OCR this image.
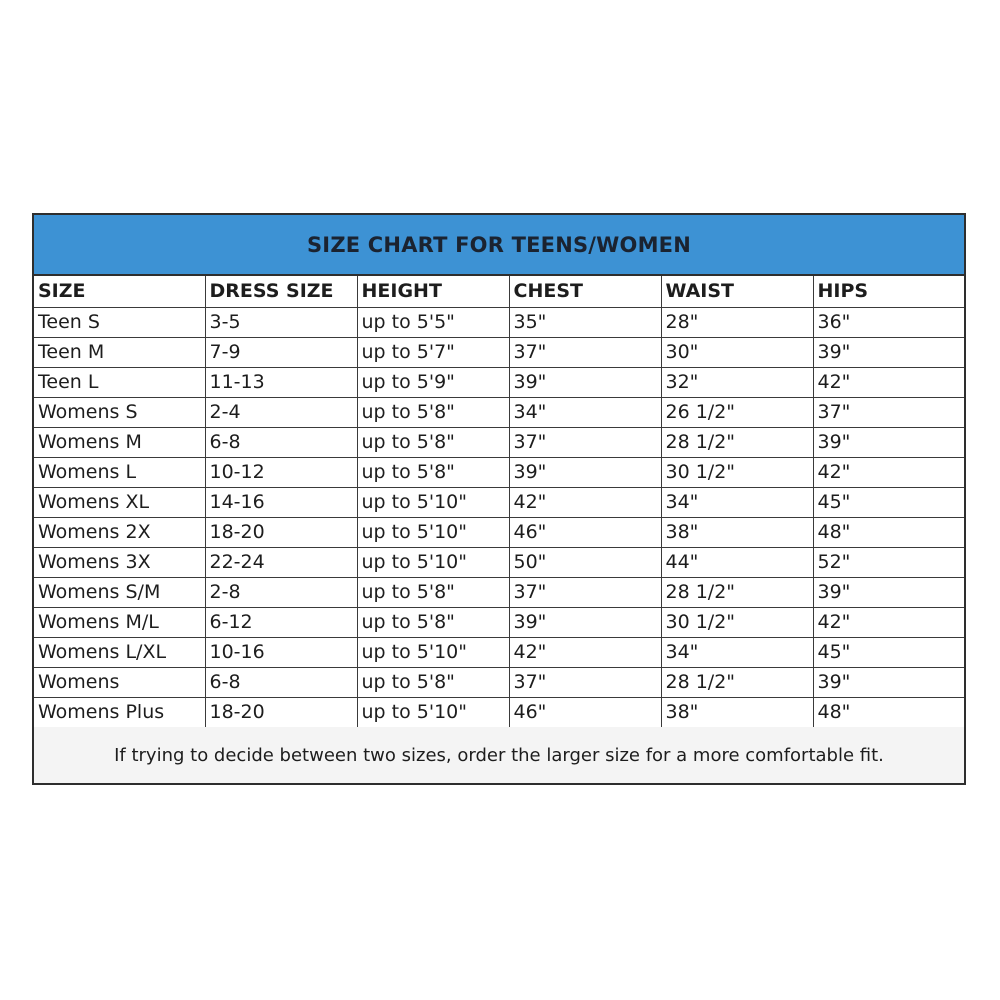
SIZE CHART FOR TEENS/WOMEN
SIZE	DRESS SIZE	HEIGHT	CHEST	WAIST	HIPS
Teen S	3-5	up to 5'5"	35"	28"	36"
Teen M	7-9	up to 5'7"	37"	30"	39"
Teen L	11-13	up to 5'9"	39"	32"	42"
Womens S	2-4	up to 5'8"	34"	26 1/2"	37"
Womens M	6-8	up to 5'8"	37"	28 1/2"	39"
Womens L	10-12	up to 5'8"	39"	30 1/2"	42"
Womens XL	14-16	up to 5'10"	42"	34"	45"
Womens 2X	18-20	up to 5'10"	46"	38"	48"
Womens 3X	22-24	up to 5'10"	50"	44"	52"
Womens S/M	2-8	up to 5'8"	37"	28 1/2"	39"
Womens M/L	6-12	up to 5'8"	39"	30 1/2"	42"
Womens L/XL	10-16	up to 5'10"	42"	34"	45"
Womens	6-8	up to 5'8"	37"	28 1/2"	39"
Womens Plus	18-20	up to 5'10"	46"	38"	48"
If trying to decide between two sizes, order the larger size for a more comfortable fit.
